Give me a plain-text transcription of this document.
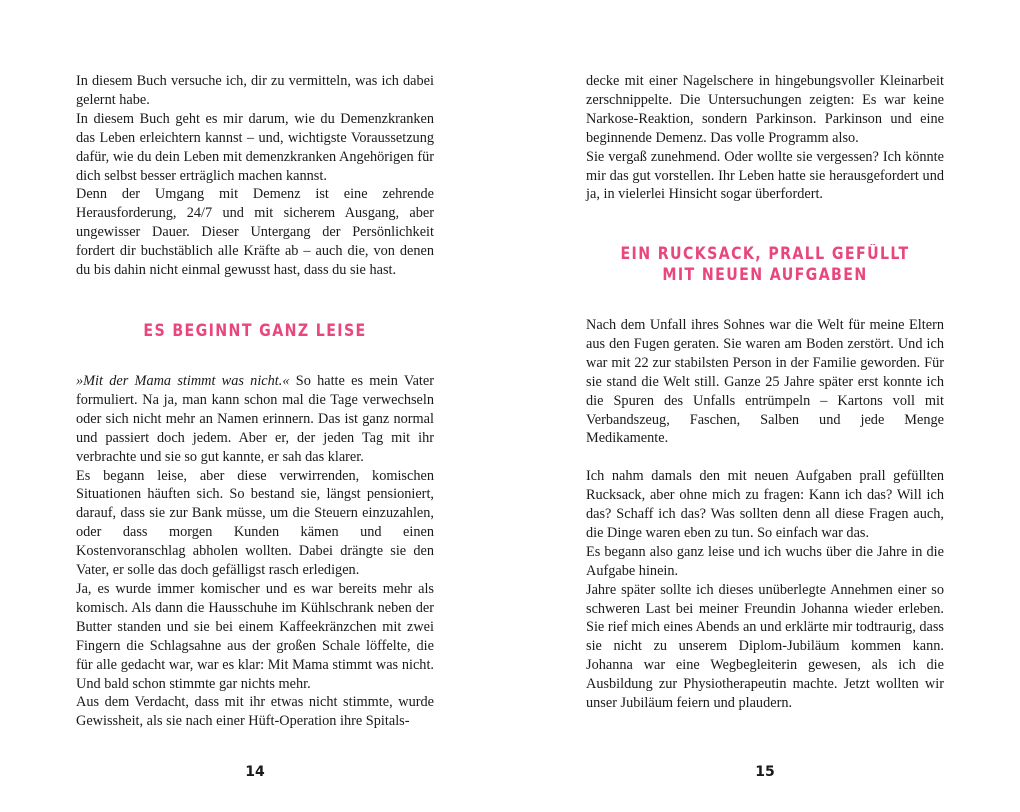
In diesem Buch versuche ich, dir zu vermitteln, was ich dabei gelernt habe.

In diesem Buch geht es mir darum, wie du Demenzkranken das Leben erleichtern kannst – und, wichtigste Voraussetzung dafür, wie du dein Leben mit demenzkranken Angehörigen für dich selbst besser erträglich machen kannst.

Denn der Umgang mit Demenz ist eine zehrende Herausforderung, 24/7 und mit sicherem Ausgang, aber ungewisser Dauer. Dieser Untergang der Persönlichkeit fordert dir buchstäblich alle Kräfte ab – auch die, von denen du bis dahin nicht einmal gewusst hast, dass du sie hast.

ES BEGINNT GANZ LEISE

»Mit der Mama stimmt was nicht.« So hatte es mein Vater formuliert. Na ja, man kann schon mal die Tage verwechseln oder sich nicht mehr an Namen erinnern. Das ist ganz normal und passiert doch jedem. Aber er, der jeden Tag mit ihr verbrachte und sie so gut kannte, er sah das klarer.

Es begann leise, aber diese verwirrenden, komischen Situationen häuften sich. So bestand sie, längst pensioniert, darauf, dass sie zur Bank müsse, um die Steuern einzuzahlen, oder dass morgen Kunden kämen und einen Kostenvoranschlag abholen wollten. Dabei drängte sie den Vater, er solle das doch gefälligst rasch erledigen.

Ja, es wurde immer komischer und es war bereits mehr als komisch. Als dann die Hausschuhe im Kühlschrank neben der Butter standen und sie bei einem Kaffeekränzchen mit zwei Fingern die Schlagsahne aus der großen Schale löffelte, die für alle gedacht war, war es klar: Mit Mama stimmt was nicht. Und bald schon stimmte gar nichts mehr.

Aus dem Verdacht, dass mit ihr etwas nicht stimmte, wurde Gewissheit, als sie nach einer Hüft-Operation ihre Spitals-

14

decke mit einer Nagelschere in hingebungsvoller Kleinarbeit zerschnippelte. Die Untersuchungen zeigten: Es war keine Narkose-Reaktion, sondern Parkinson. Parkinson und eine beginnende Demenz. Das volle Programm also.

Sie vergaß zunehmend. Oder wollte sie vergessen? Ich könnte mir das gut vorstellen. Ihr Leben hatte sie herausgefordert und ja, in vielerlei Hinsicht sogar überfordert.

EIN RUCKSACK, PRALL GEFÜLLT

MIT NEUEN AUFGABEN

Nach dem Unfall ihres Sohnes war die Welt für meine Eltern aus den Fugen geraten. Sie waren am Boden zerstört. Und ich war mit 22 zur stabilsten Person in der Familie geworden. Für sie stand die Welt still. Ganze 25 Jahre später erst konnte ich die Spuren des Unfalls entrümpeln – Kartons voll mit Verbandszeug, Faschen, Salben und jede Menge Medikamente.

Ich nahm damals den mit neuen Aufgaben prall gefüllten Rucksack, aber ohne mich zu fragen: Kann ich das? Will ich das? Schaff ich das? Was sollten denn all diese Fragen auch, die Dinge waren eben zu tun. So einfach war das.

Es begann also ganz leise und ich wuchs über die Jahre in die Aufgabe hinein.

Jahre später sollte ich dieses unüberlegte Annehmen einer so schweren Last bei meiner Freundin Johanna wieder erleben. Sie rief mich eines Abends an und erklärte mir todtraurig, dass sie nicht zu unserem Diplom-Jubiläum kommen kann. Johanna war eine Wegbegleiterin gewesen, als ich die Ausbildung zur Physiotherapeutin machte. Jetzt wollten wir unser Jubiläum feiern und plaudern.

15
